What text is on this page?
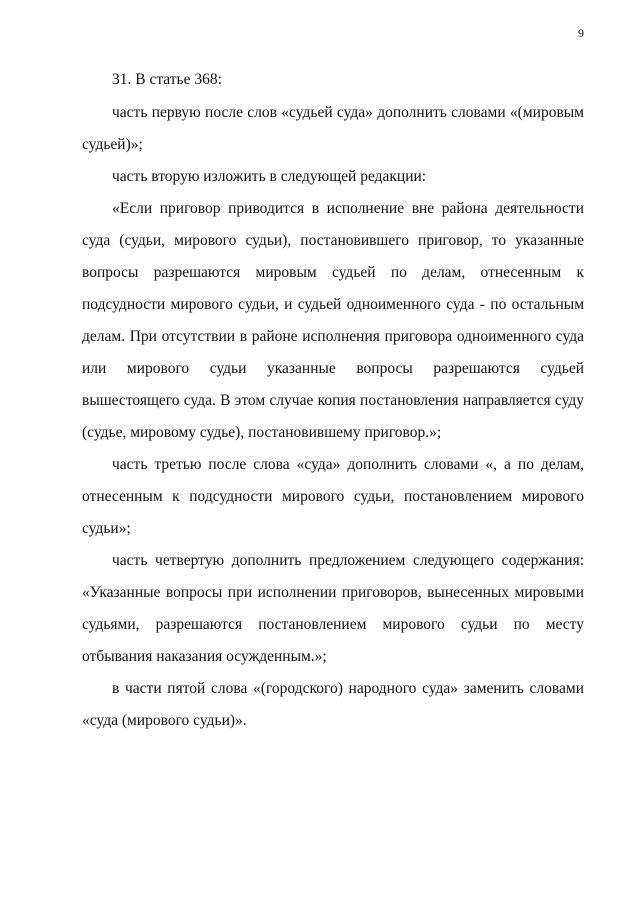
9

31. В статье 368:

часть первую после слов «судьей суда» дополнить словами «(мировым судьей)»;

часть вторую изложить в следующей редакции:

«Если приговор приводится в исполнение вне района деятельности суда (судьи, мирового судьи), постановившего приговор, то указанные вопросы разрешаются мировым судьей по делам, отнесенным к подсудности мирового судьи, и судьей одноименного суда - по остальным делам. При отсутствии в районе исполнения приговора одноименного суда или мирового судьи указанные вопросы разрешаются судьей вышестоящего суда. В этом случае копия постановления направляется суду (судье, мировому судье), постановившему приговор.»;

часть третью после слова «суда» дополнить словами «, а по делам, отнесенным к подсудности мирового судьи, постановлением мирового судьи»;

часть четвертую дополнить предложением следующего содержания: «Указанные вопросы при исполнении приговоров, вынесенных мировыми судьями, разрешаются постановлением мирового судьи по месту отбывания наказания осужденным.»;

в части пятой слова «(городского) народного суда» заменить словами «суда (мирового судьи)».
